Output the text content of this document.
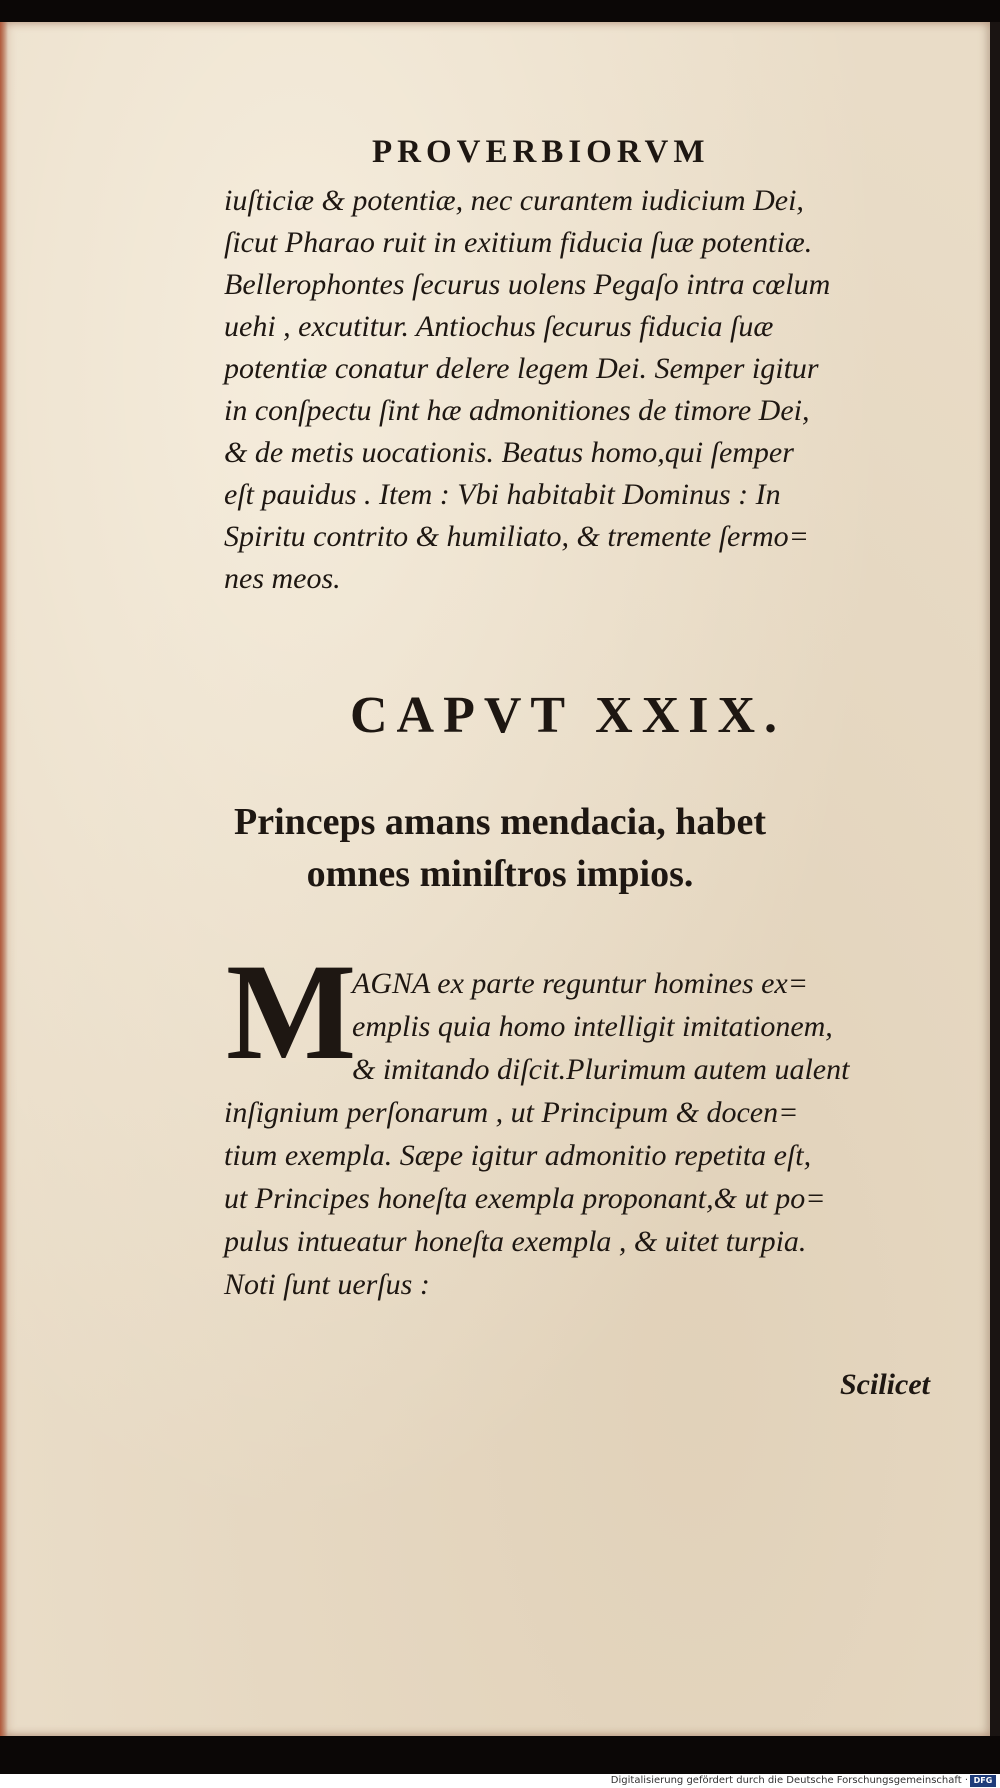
PROVERBIORVM
iuſticiæ & potentiæ, nec curantem iudicium Dei,
ſicut Pharao ruit in exitium fiducia ſuæ potentiæ.
Bellerophontes ſecurus uolens Pegaſo intra cœlum
uehi , excutitur. Antiochus ſecurus fiducia ſuæ
potentiæ conatur delere legem Dei. Semper igitur
in conſpectu ſint hæ admonitiones de timore Dei,
& de metis uocationis. Beatus homo,qui ſemper
eſt pauidus . Item : Vbi habitabit Dominus : In
Spiritu contrito & humiliato, & tremente ſermo=
nes meos.
CAPVT XXIX.
Princeps amans mendacia, habet
omnes miniſtros impios.
M
AGNA ex parte reguntur homines ex=
emplis quia homo intelligit imitationem,
& imitando diſcit.Plurimum autem ualent
inſignium perſonarum , ut Principum & docen=
tium exempla. Sæpe igitur admonitio repetita eſt,
ut Principes honeſta exempla proponant,& ut po=
pulus intueatur honeſta exempla , & uitet turpia.
Noti ſunt uerſus :
Scilicet
Digitalisierung gefördert durch die Deutsche Forschungsgemeinschaft · DFG
